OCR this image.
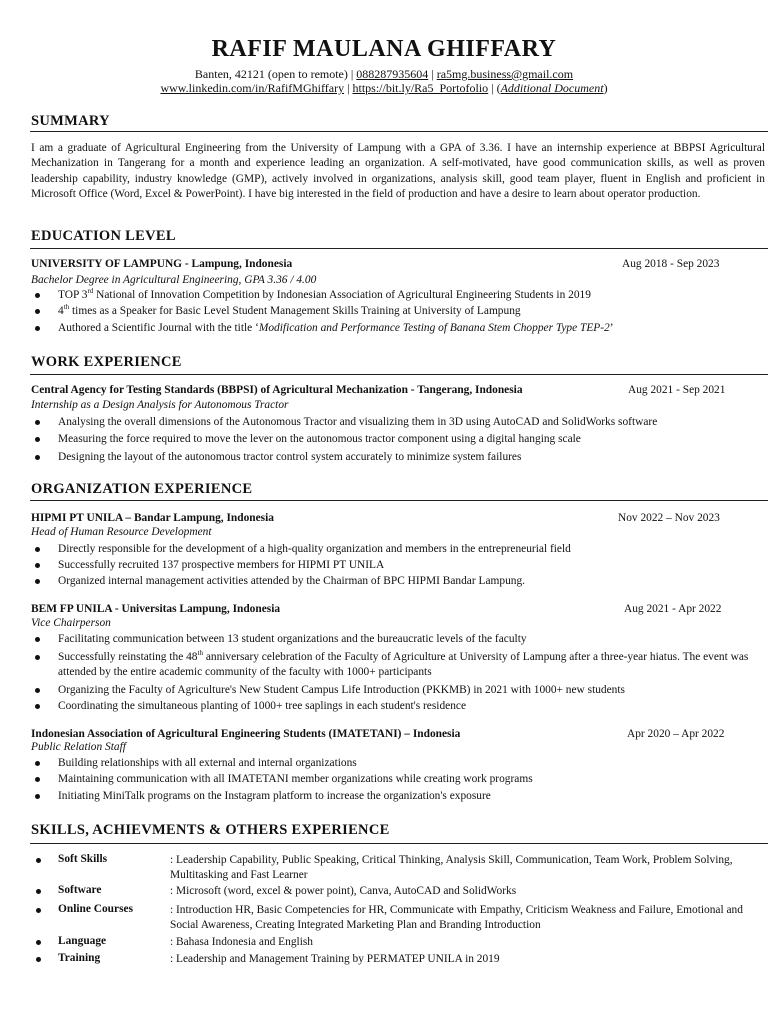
RAFIF MAULANA GHIFFARY
Banten, 42121 (open to remote) | 088287935604 | ra5mg.business@gmail.com
www.linkedin.com/in/RafifMGhiffary | https://bit.ly/Ra5_Portofolio | (Additional Document)
SUMMARY
I am a graduate of Agricultural Engineering from the University of Lampung with a GPA of 3.36. I have an internship experience at BBPSI Agricultural Mechanization in Tangerang for a month and experience leading an organization. A self-motivated, have good communication skills, as well as proven leadership capability, industry knowledge (GMP), actively involved in organizations, analysis skill, good team player, fluent in English and proficient in Microsoft Office (Word, Excel & PowerPoint). I have big interested in the field of production and have a desire to learn about operator production.
EDUCATION LEVEL
UNIVERSITY OF LAMPUNG - Lampung, Indonesia	Aug 2018 - Sep 2023
Bachelor Degree in Agricultural Engineering, GPA 3.36 / 4.00
TOP 3rd National of Innovation Competition by Indonesian Association of Agricultural Engineering Students in 2019
4th times as a Speaker for Basic Level Student Management Skills Training at University of Lampung
Authored a Scientific Journal with the title ‘Modification and Performance Testing of Banana Stem Chopper Type TEP-2’
WORK EXPERIENCE
Central Agency for Testing Standards (BBPSI) of Agricultural Mechanization - Tangerang, Indonesia	Aug 2021 - Sep 2021
Internship as a Design Analysis for Autonomous Tractor
Analysing the overall dimensions of the Autonomous Tractor and visualizing them in 3D using AutoCAD and SolidWorks software
Measuring the force required to move the lever on the autonomous tractor component using a digital hanging scale
Designing the layout of the autonomous tractor control system accurately to minimize system failures
ORGANIZATION EXPERIENCE
HIPMI PT UNILA – Bandar Lampung, Indonesia	Nov 2022 – Nov 2023
Head of Human Resource Development
Directly responsible for the development of a high-quality organization and members in the entrepreneurial field
Successfully recruited 137 prospective members for HIPMI PT UNILA
Organized internal management activities attended by the Chairman of BPC HIPMI Bandar Lampung.
BEM FP UNILA - Universitas Lampung, Indonesia	Aug 2021 - Apr 2022
Vice Chairperson
Facilitating communication between 13 student organizations and the bureaucratic levels of the faculty
Successfully reinstating the 48th anniversary celebration of the Faculty of Agriculture at University of Lampung after a three-year hiatus. The event was attended by the entire academic community of the faculty with 1000+ participants
Organizing the Faculty of Agriculture's New Student Campus Life Introduction (PKKMB) in 2021 with 1000+ new students
Coordinating the simultaneous planting of 1000+ tree saplings in each student's residence
Indonesian Association of Agricultural Engineering Students (IMATETANI) – Indonesia	Apr 2020 – Apr 2022
Public Relation Staff
Building relationships with all external and internal organizations
Maintaining communication with all IMATETANI member organizations while creating work programs
Initiating MiniTalk programs on the Instagram platform to increase the organization's exposure
SKILLS, ACHIEVMENTS & OTHERS EXPERIENCE
Soft Skills	: Leadership Capability, Public Speaking, Critical Thinking, Analysis Skill, Communication, Team Work, Problem Solving, Multitasking and Fast Learner
Software	: Microsoft (word, excel & power point), Canva, AutoCAD and SolidWorks
Online Courses	: Introduction HR, Basic Competencies for HR, Communicate with Empathy, Criticism Weakness and Failure, Emotional and Social Awareness, Creating Integrated Marketing Plan and Branding Introduction
Language	: Bahasa Indonesia and English
Training	: Leadership and Management Training by PERMATEP UNILA in 2019
